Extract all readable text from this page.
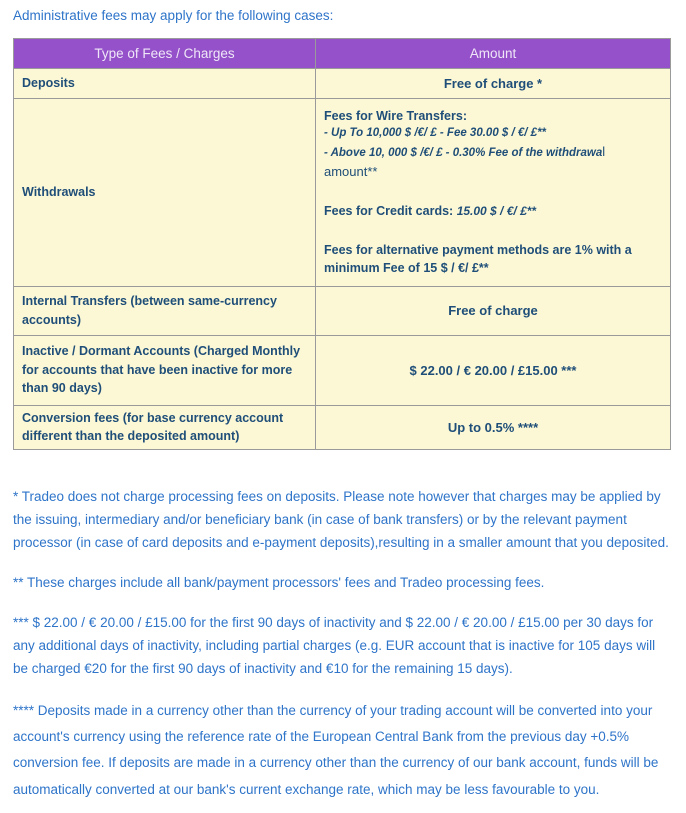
Administrative fees may apply for the following cases:

Type of Fees / Charges	Amount
Deposits	Free of charge *
Withdrawals	Fees for Wire Transfers:
- Up To 10,000 $ /€/ £ - Fee 30.00 $ / €/ £**
- Above 10, 000 $ /€/ £ - 0.30% Fee of the withdrawal amount**
Fees for Credit cards: 15.00 $ / €/ £**
Fees for alternative payment methods are 1% with a minimum Fee of 15 $ / €/ £**

Internal Transfers (between same-currency accounts)	Free of charge
Inactive / Dormant Accounts (Charged Monthly for accounts that have been inactive for more than 90 days)	$ 22.00 / € 20.00 / £15.00 ***
Conversion fees (for base currency account different than the deposited amount)	Up to 0.5% ****

* Tradeo does not charge processing fees on deposits. Please note however that charges may be applied by the issuing, intermediary and/or beneficiary bank (in case of bank transfers) or by the relevant payment processor (in case of card deposits and e-payment deposits),resulting in a smaller amount that you deposited.

** These charges include all bank/payment processors' fees and Tradeo processing fees.

*** $ 22.00 / € 20.00 / £15.00 for the first 90 days of inactivity and $ 22.00 / € 20.00 / £15.00 per 30 days for any additional days of inactivity, including partial charges (e.g. EUR account that is inactive for 105 days will be charged €20 for the first 90 days of inactivity and €10 for the remaining 15 days).

**** Deposits made in a currency other than the currency of your trading account will be converted into your    account's currency using the reference rate of the European Central Bank from the previous day +0.5% conversion fee. If deposits are made in a currency other than the currency of our bank account, funds will be automatically converted at our bank's current exchange rate, which may be less favourable to you.
